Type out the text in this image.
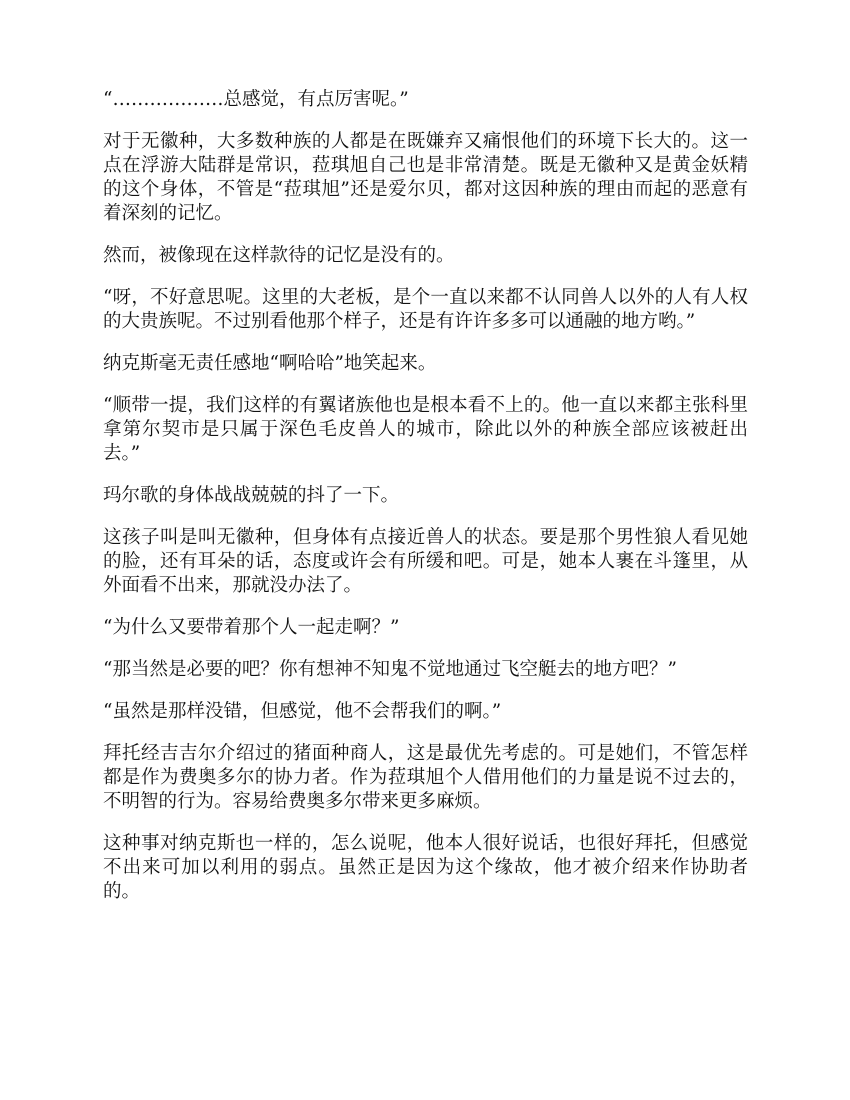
“………………总感觉，有点厉害呢。”

对于无徽种，大多数种族的人都是在既嫌弃又痛恨他们的环境下长大的。这一点在浮游大陆群是常识，菈琪旭自己也是非常清楚。既是无徽种又是黄金妖精的这个身体，不管是“菈琪旭”还是爱尔贝，都对这因种族的理由而起的恶意有着深刻的记忆。

然而，被像现在这样款待的记忆是没有的。

“呀，不好意思呢。这里的大老板，是个一直以来都不认同兽人以外的人有人权的大贵族呢。不过别看他那个样子，还是有许许多多可以通融的地方哟。”

纳克斯毫无责任感地“啊哈哈”地笑起来。

“顺带一提，我们这样的有翼诸族他也是根本看不上的。他一直以来都主张科里拿第尔契市是只属于深色毛皮兽人的城市，除此以外的种族全部应该被赶出去。”

玛尔歌的身体战战兢兢的抖了一下。

这孩子叫是叫无徽种，但身体有点接近兽人的状态。要是那个男性狼人看见她的脸，还有耳朵的话，态度或许会有所缓和吧。可是，她本人裹在斗篷里，从外面看不出来，那就没办法了。

“为什么又要带着那个人一起走啊？”

“那当然是必要的吧？你有想神不知鬼不觉地通过飞空艇去的地方吧？”

“虽然是那样没错，但感觉，他不会帮我们的啊。”

拜托经吉吉尔介绍过的猪面种商人，这是最优先考虑的。可是她们，不管怎样都是作为费奥多尔的协力者。作为菈琪旭个人借用他们的力量是说不过去的，不明智的行为。容易给费奥多尔带来更多麻烦。

这种事对纳克斯也一样的，怎么说呢，他本人很好说话，也很好拜托，但感觉不出来可加以利用的弱点。虽然正是因为这个缘故，他才被介绍来作协助者的。
